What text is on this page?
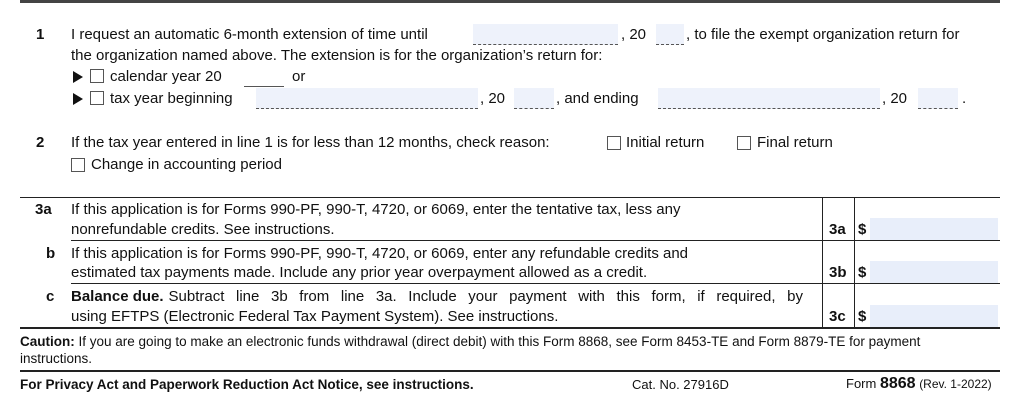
1 I request an automatic 6-month extension of time until	, 20	, to file the exempt organization return for
the organization named above. The extension is for the organization’s return for:
calendar year 20	or
tax year beginning	, 20	, and ending	, 20	.
2 If the tax year entered in line 1 is for less than 12 months, check reason:	Initial return	Final return
Change in accounting period
3a If this application is for Forms 990-PF, 990-T, 4720, or 6069, enter the tentative tax, less any
nonrefundable credits. See instructions.	3a $
b If this application is for Forms 990-PF, 990-T, 4720, or 6069, enter any refundable credits and
estimated tax payments made. Include any prior year overpayment allowed as a credit.	3b $
c Balance due. Subtract line 3b from line 3a. Include your payment with this form, if required, by
using EFTPS (Electronic Federal Tax Payment System). See instructions.	3c $
Caution: If you are going to make an electronic funds withdrawal (direct debit) with this Form 8868, see Form 8453-TE and Form 8879-TE for payment
instructions.
For Privacy Act and Paperwork Reduction Act Notice, see instructions.	Cat. No. 27916D	Form 8868 (Rev. 1-2022)
